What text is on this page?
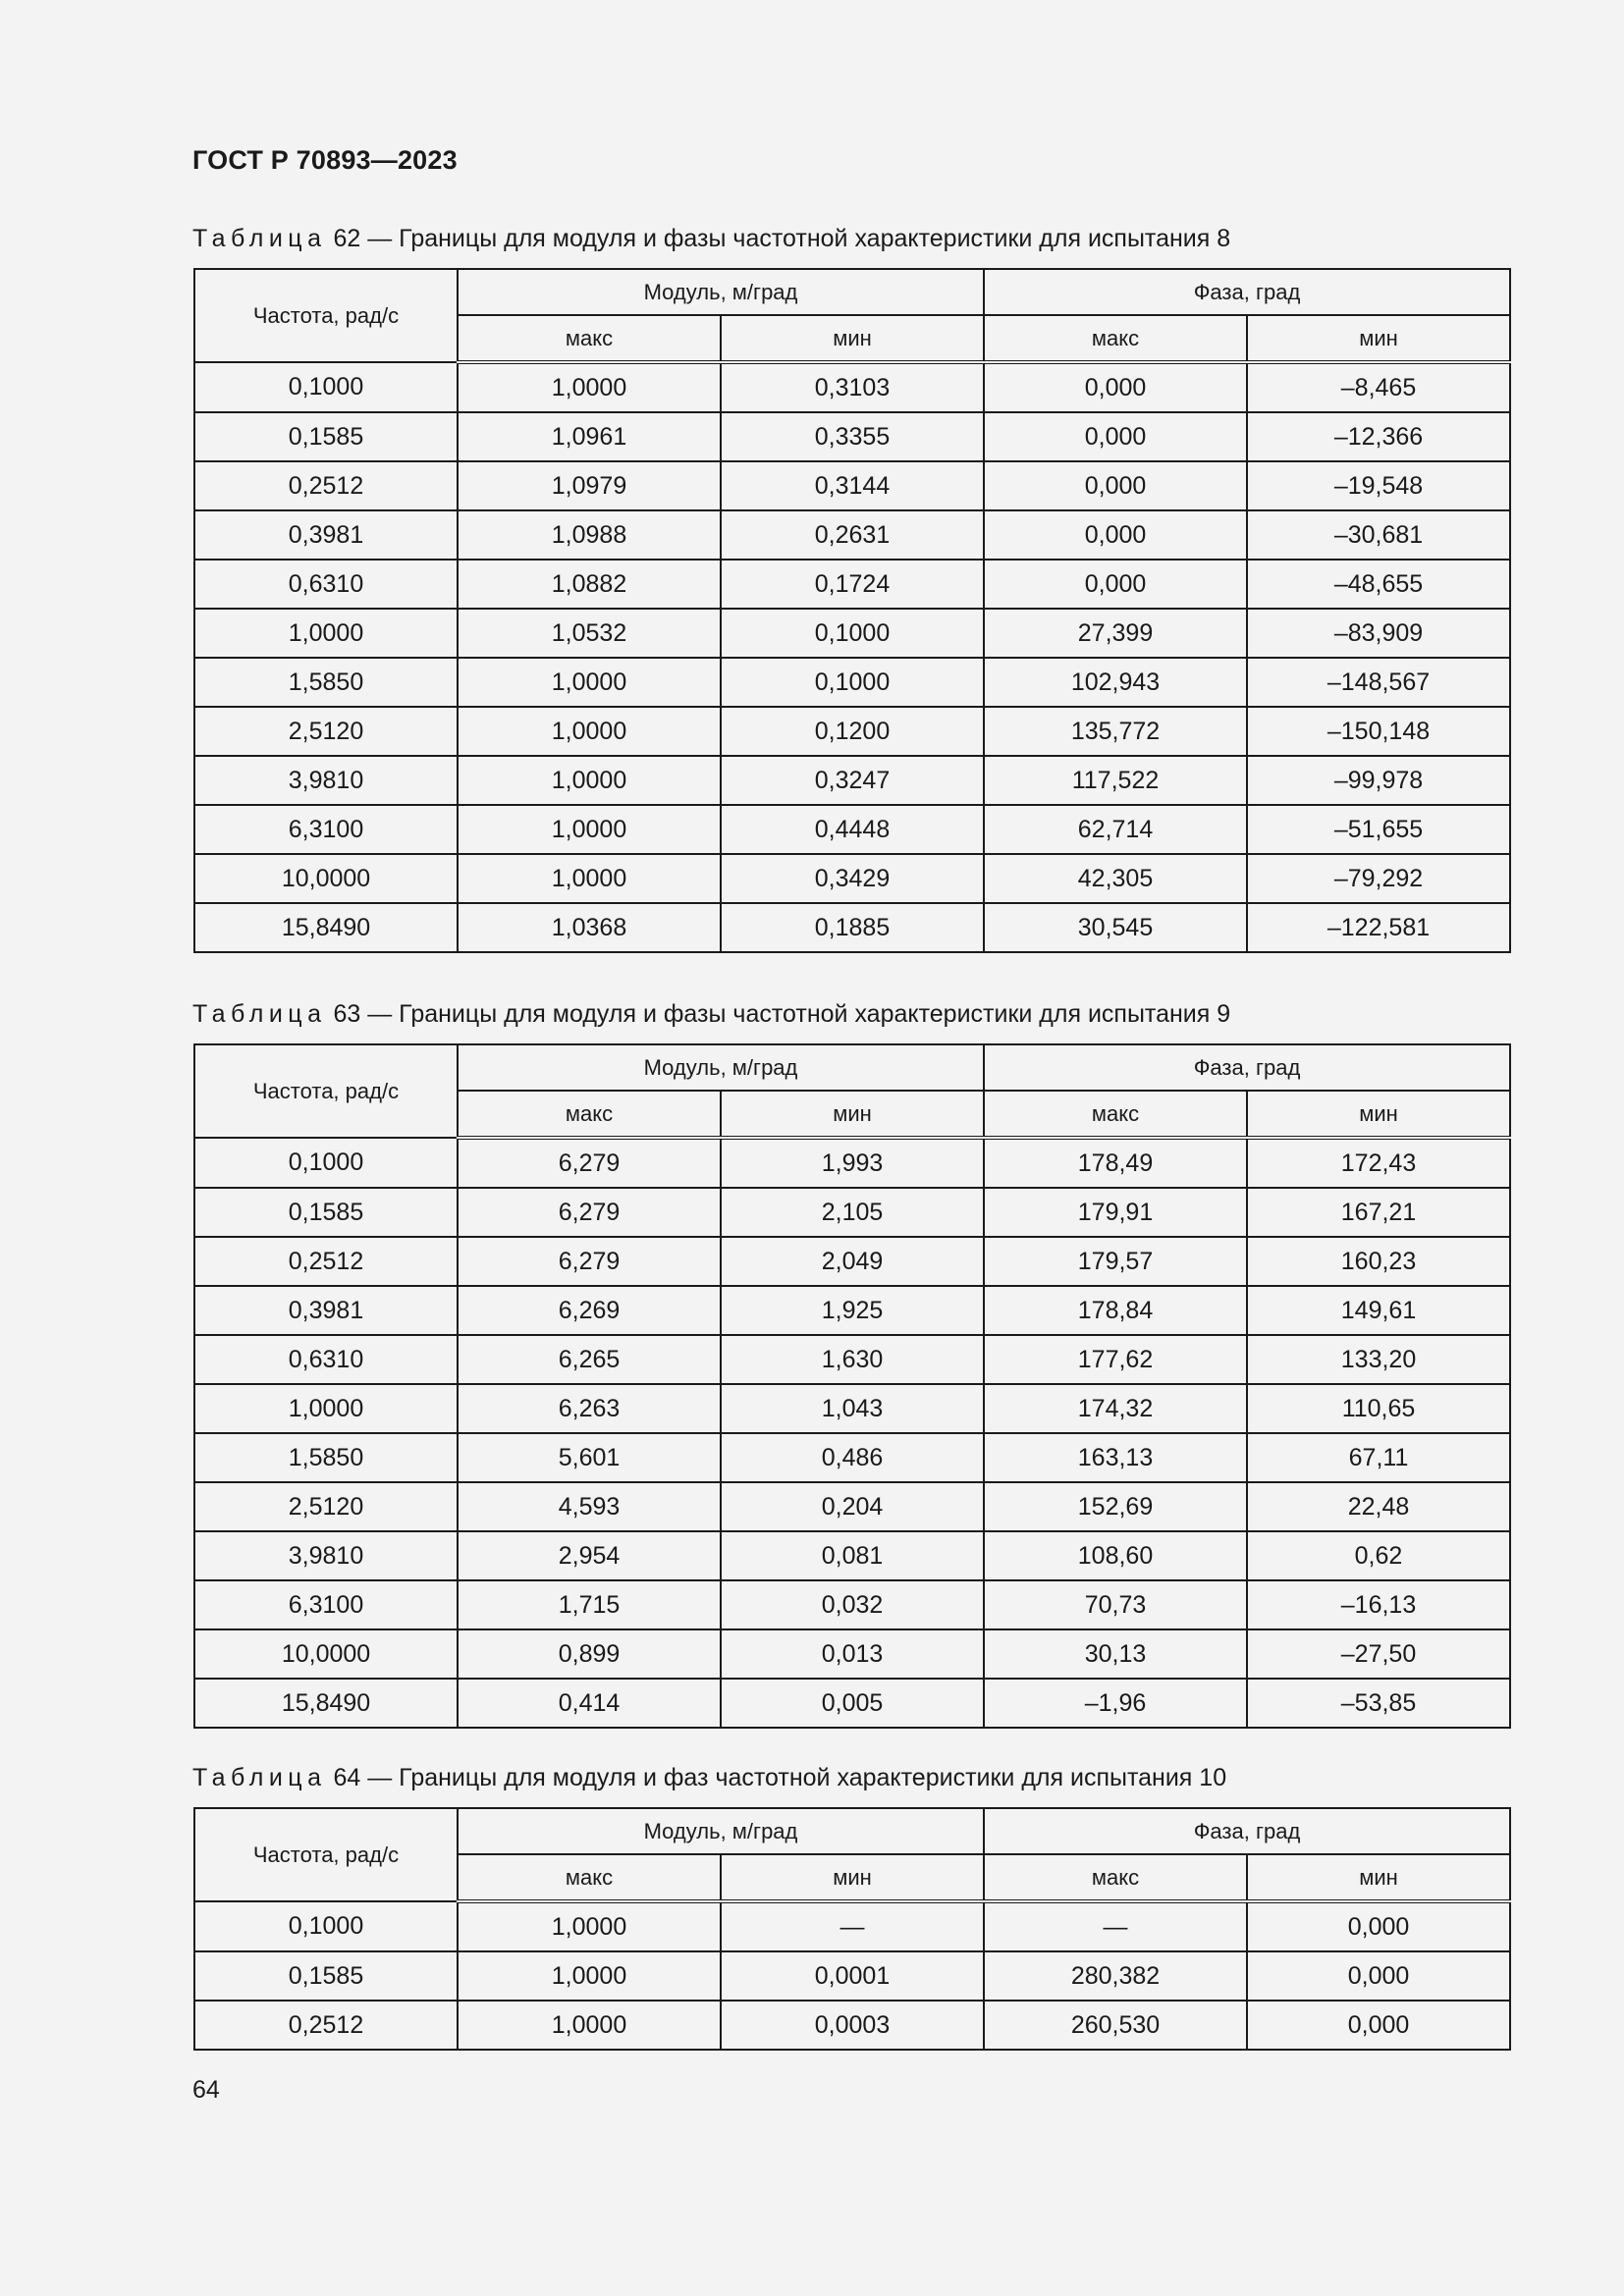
ГОСТ Р 70893—2023
Таблица 62 — Границы для модуля и фазы частотной характеристики для испытания 8
Частота, рад/с	Модуль, м/град		Фаза, град	
	макс	мин	макс	мин
0,1000	1,0000	0,3103	0,000	–8,465
0,1585	1,0961	0,3355	0,000	–12,366
0,2512	1,0979	0,3144	0,000	–19,548
0,3981	1,0988	0,2631	0,000	–30,681
0,6310	1,0882	0,1724	0,000	–48,655
1,0000	1,0532	0,1000	27,399	–83,909
1,5850	1,0000	0,1000	102,943	–148,567
2,5120	1,0000	0,1200	135,772	–150,148
3,9810	1,0000	0,3247	117,522	–99,978
6,3100	1,0000	0,4448	62,714	–51,655
10,0000	1,0000	0,3429	42,305	–79,292
15,8490	1,0368	0,1885	30,545	–122,581
Таблица 63 — Границы для модуля и фазы частотной характеристики для испытания 9
Частота, рад/с	Модуль, м/град		Фаза, град	
	макс	мин	макс	мин
0,1000	6,279	1,993	178,49	172,43
0,1585	6,279	2,105	179,91	167,21
0,2512	6,279	2,049	179,57	160,23
0,3981	6,269	1,925	178,84	149,61
0,6310	6,265	1,630	177,62	133,20
1,0000	6,263	1,043	174,32	110,65
1,5850	5,601	0,486	163,13	67,11
2,5120	4,593	0,204	152,69	22,48
3,9810	2,954	0,081	108,60	0,62
6,3100	1,715	0,032	70,73	–16,13
10,0000	0,899	0,013	30,13	–27,50
15,8490	0,414	0,005	–1,96	–53,85
Таблица 64 — Границы для модуля и фаз частотной характеристики для испытания 10
Частота, рад/с	Модуль, м/град		Фаза, град	
	макс	мин	макс	мин
0,1000	1,0000	—	—	0,000
0,1585	1,0000	0,0001	280,382	0,000
0,2512	1,0000	0,0003	260,530	0,000
64
